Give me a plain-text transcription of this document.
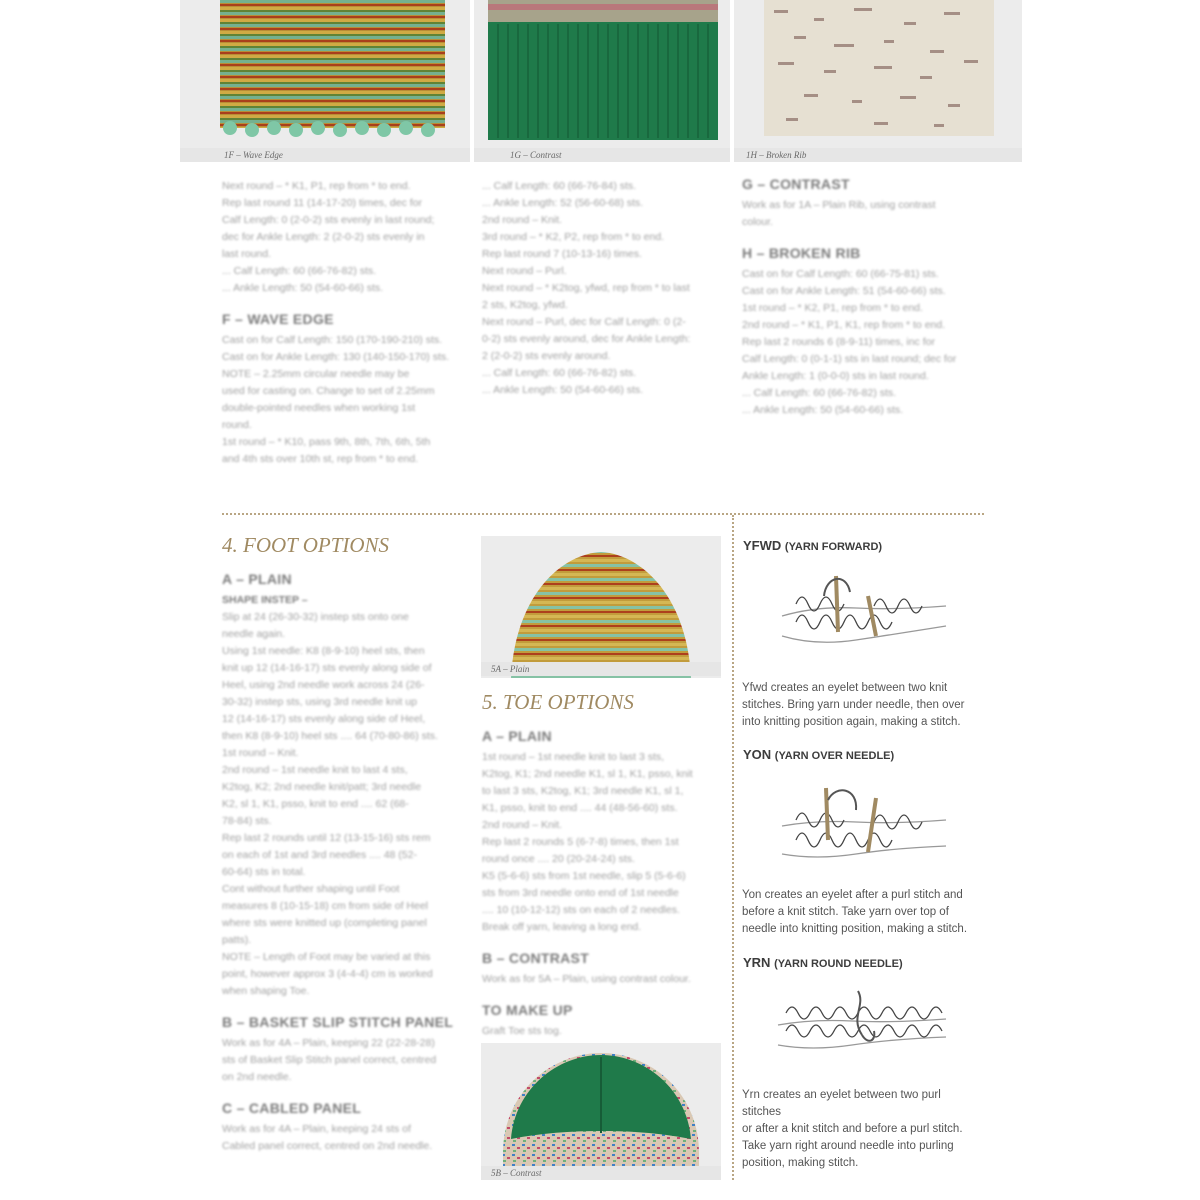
1F – Wave Edge	1G – Contrast	1H – Broken Rib

Next round – * K1, P1, rep from * to end.

Rep last round 11 (14-17-20) times, dec for

Calf Length: 0 (2-0-2) sts evenly in last round;

dec for Ankle Length: 2 (2-0-2) sts evenly in

last round.

... Calf Length: 60 (66-76-82) sts.

... Ankle Length: 50 (54-60-66) sts.

F – WAVE EDGE

Cast on for Calf Length: 150 (170-190-210) sts.

Cast on for Ankle Length: 130 (140-150-170) sts.

NOTE – 2.25mm circular needle may be

used for casting on. Change to set of 2.25mm

double-pointed needles when working 1st

round.

1st round – * K10, pass 9th, 8th, 7th, 6th, 5th

and 4th sts over 10th st, rep from * to end.

... Calf Length: 60 (66-76-84) sts.

... Ankle Length: 52 (56-60-68) sts.

2nd round – Knit.

3rd round – * K2, P2, rep from * to end.

Rep last round 7 (10-13-16) times.

Next round – Purl.

Next round – * K2tog, yfwd, rep from * to last

2 sts, K2tog, yfwd.

Next round – Purl, dec for Calf Length: 0 (2-

0-2) sts evenly around, dec for Ankle Length:

2 (2-0-2) sts evenly around.

... Calf Length: 60 (66-76-82) sts.

... Ankle Length: 50 (54-60-66) sts.

G – CONTRAST

Work as for 1A – Plain Rib, using contrast

colour.

H – BROKEN RIB

Cast on for Calf Length: 60 (66-75-81) sts.

Cast on for Ankle Length: 51 (54-60-66) sts.

1st round – * K2, P1, rep from * to end.

2nd round – * K1, P1, K1, rep from * to end.

Rep last 2 rounds 6 (8-9-11) times, inc for

Calf Length: 0 (0-1-1) sts in last round; dec for

Ankle Length: 1 (0-0-0) sts in last round.

... Calf Length: 60 (66-76-82) sts.

... Ankle Length: 50 (54-60-66) sts.

4. FOOT OPTIONS

A – PLAIN

SHAPE INSTEP –

Slip at 24 (26-30-32) instep sts onto one

needle again.

Using 1st needle: K8 (8-9-10) heel sts, then

knit up 12 (14-16-17) sts evenly along side of

Heel, using 2nd needle work across 24 (26-

30-32) instep sts, using 3rd needle knit up

12 (14-16-17) sts evenly along side of Heel,

then K8 (8-9-10) heel sts .... 64 (70-80-86) sts.

1st round – Knit.

2nd round – 1st needle knit to last 4 sts,

K2tog, K2; 2nd needle knit/patt; 3rd needle

K2, sl 1, K1, psso, knit to end .... 62 (68-

78-84) sts.

Rep last 2 rounds until 12 (13-15-16) sts rem

on each of 1st and 3rd needles .... 48 (52-

60-64) sts in total.

Cont without further shaping until Foot

measures 8 (10-15-18) cm from side of Heel

where sts were knitted up (completing panel

patts).

NOTE – Length of Foot may be varied at this

point, however approx 3 (4-4-4) cm is worked

when shaping Toe.

B – BASKET SLIP STITCH PANEL

Work as for 4A – Plain, keeping 22 (22-28-28)

sts of Basket Slip Stitch panel correct, centred

on 2nd needle.

C – CABLED PANEL

Work as for 4A – Plain, keeping 24 sts of

Cabled panel correct, centred on 2nd needle.

5A – Plain
5. TOE OPTIONS

A – PLAIN

1st round – 1st needle knit to last 3 sts,

K2tog, K1; 2nd needle K1, sl 1, K1, psso, knit

to last 3 sts, K2tog, K1; 3rd needle K1, sl 1,

K1, psso, knit to end .... 44 (48-56-60) sts.

2nd round – Knit.

Rep last 2 rounds 5 (6-7-8) times, then 1st

round once .... 20 (20-24-24) sts.

K5 (5-6-6) sts from 1st needle, slip 5 (5-6-6)

sts from 3rd needle onto end of 1st needle

.... 10 (10-12-12) sts on each of 2 needles.

Break off yarn, leaving a long end.

B – CONTRAST

Work as for 5A – Plain, using contrast colour.

TO MAKE UP

Graft Toe sts tog.

5B – Contrast
YFWD (YARN FORWARD)

Yfwd creates an eyelet between two knit

stitches. Bring yarn under needle, then over

into knitting position again, making a stitch.

YON (YARN OVER NEEDLE)

Yon creates an eyelet after a purl stitch and

before a knit stitch. Take yarn over top of

needle into knitting position, making a stitch.

YRN (YARN ROUND NEEDLE)

Yrn creates an eyelet between two purl stitches

or after a knit stitch and before a purl stitch.

Take yarn right around needle into purling

position, making stitch.
